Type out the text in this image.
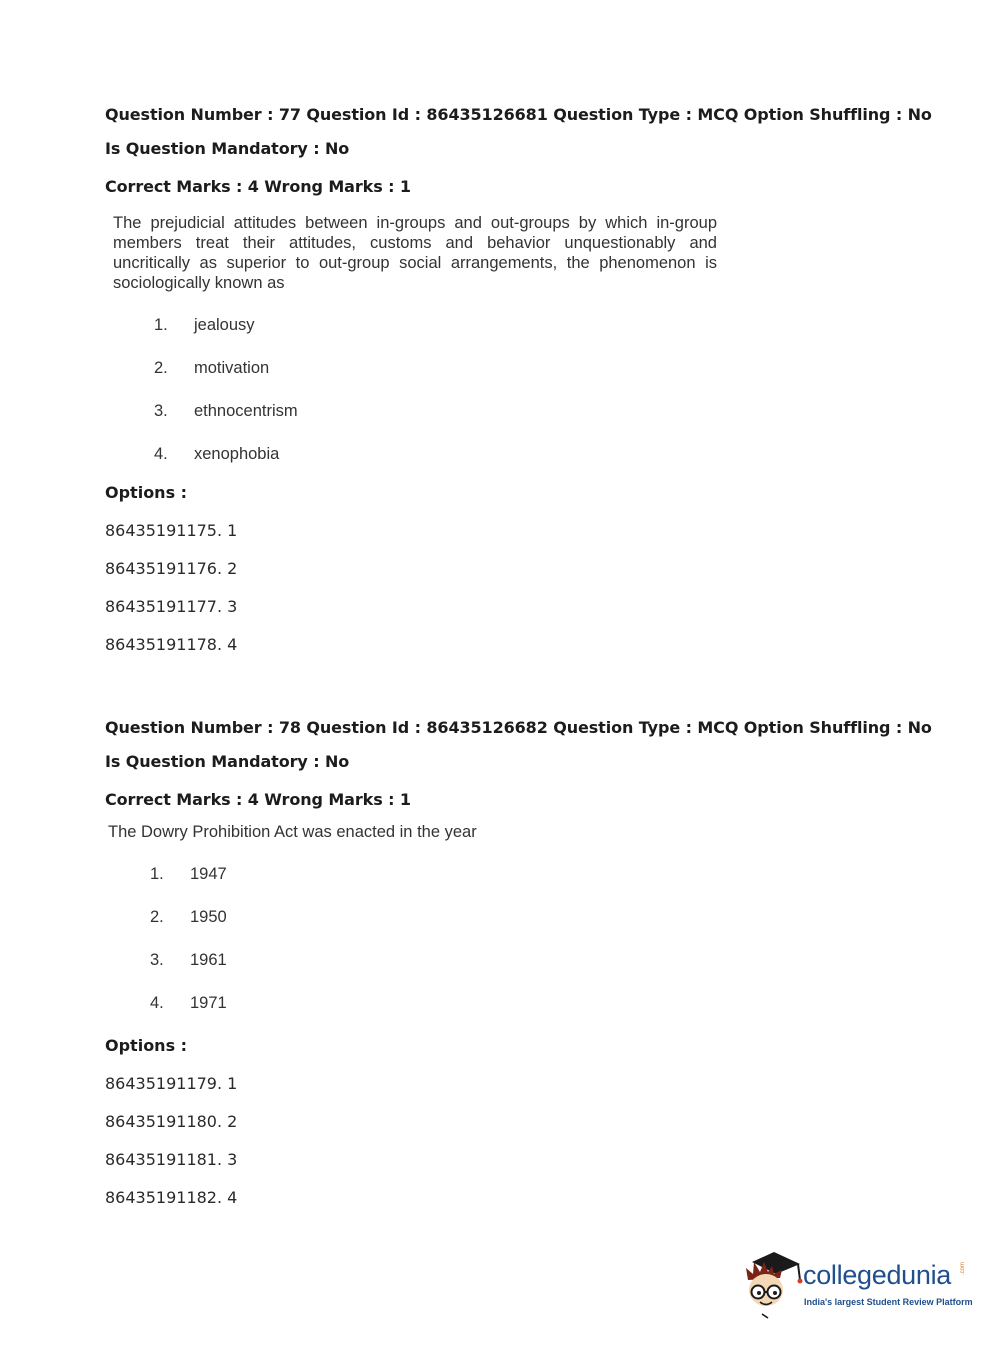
Question Number : 77 Question Id : 86435126681 Question Type : MCQ Option Shuffling : No
Is Question Mandatory : No
Correct Marks : 4 Wrong Marks : 1
The prejudicial attitudes between in-groups and out-groups by which in-group members treat their attitudes, customs and behavior unquestionably and uncritically as superior to out-group social arrangements, the phenomenon is sociologically known as
1. jealousy
2. motivation
3. ethnocentrism
4. xenophobia
Options :
86435191175. 1
86435191176. 2
86435191177. 3
86435191178. 4
Question Number : 78 Question Id : 86435126682 Question Type : MCQ Option Shuffling : No
Is Question Mandatory : No
Correct Marks : 4 Wrong Marks : 1
The Dowry Prohibition Act was enacted in the year
1. 1947
2. 1950
3. 1961
4. 1971
Options :
86435191179. 1
86435191180. 2
86435191181. 3
86435191182. 4
collegedunia .com
India's largest Student Review Platform
